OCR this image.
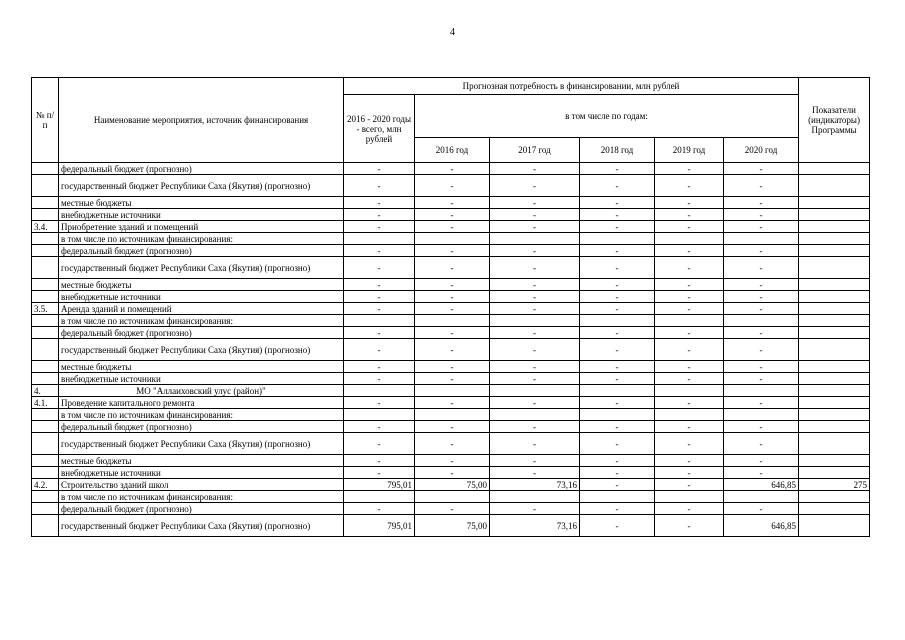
4
№ п/п	Наименование мероприятия, источник финансирования	Прогнозная потребность в финансировании, млн рублей						Показатели (индикаторы) Программы
		2016 - 2020 годы - всего, млн рублей	в том числе по годам:					
			2016 год	2017 год	2018 год	2019 год	2020 год	
	федеральный бюджет (прогнозно)	-	-	-	-	-	-	
	государственный бюджет Республики Саха (Якутия) (прогнозно)	-	-	-	-	-	-	
	местные бюджеты	-	-	-	-	-	-	
	внебюджетные источники	-	-	-	-	-	-	
3.4.	Приобретение зданий и помещений	-	-	-	-	-	-	
	в том числе по источникам финансирования:							
	федеральный бюджет (прогнозно)	-	-	-	-	-	-	
	государственный бюджет Республики Саха (Якутия) (прогнозно)	-	-	-	-	-	-	
	местные бюджеты	-	-	-	-	-	-	
	внебюджетные источники	-	-	-	-	-	-	
3.5.	Аренда зданий и помещений	-	-	-	-	-	-	
	в том числе по источникам финансирования:							
	федеральный бюджет (прогнозно)	-	-	-	-	-	-	
	государственный бюджет Республики Саха (Якутия) (прогнозно)	-	-	-	-	-	-	
	местные бюджеты	-	-	-	-	-	-	
	внебюджетные источники	-	-	-	-	-	-	
4.	МО "Аллаиховский улус (район)"							
4.1.	Проведение капитального ремонта	-	-	-	-	-	-	
	в том числе по источникам финансирования:							
	федеральный бюджет (прогнозно)	-	-	-	-	-	-	
	государственный бюджет Республики Саха (Якутия) (прогнозно)	-	-	-	-	-	-	
	местные бюджеты	-	-	-	-	-	-	
	внебюджетные источники	-	-	-	-	-	-	
4.2.	Строительство зданий школ	795,01	75,00	73,16	-	-	646,85	275
	в том числе по источникам финансирования:							
	федеральный бюджет (прогнозно)	-	-	-	-	-	-	
	государственный бюджет Республики Саха (Якутия) (прогнозно)	795,01	75,00	73,16	-	-	646,85	
